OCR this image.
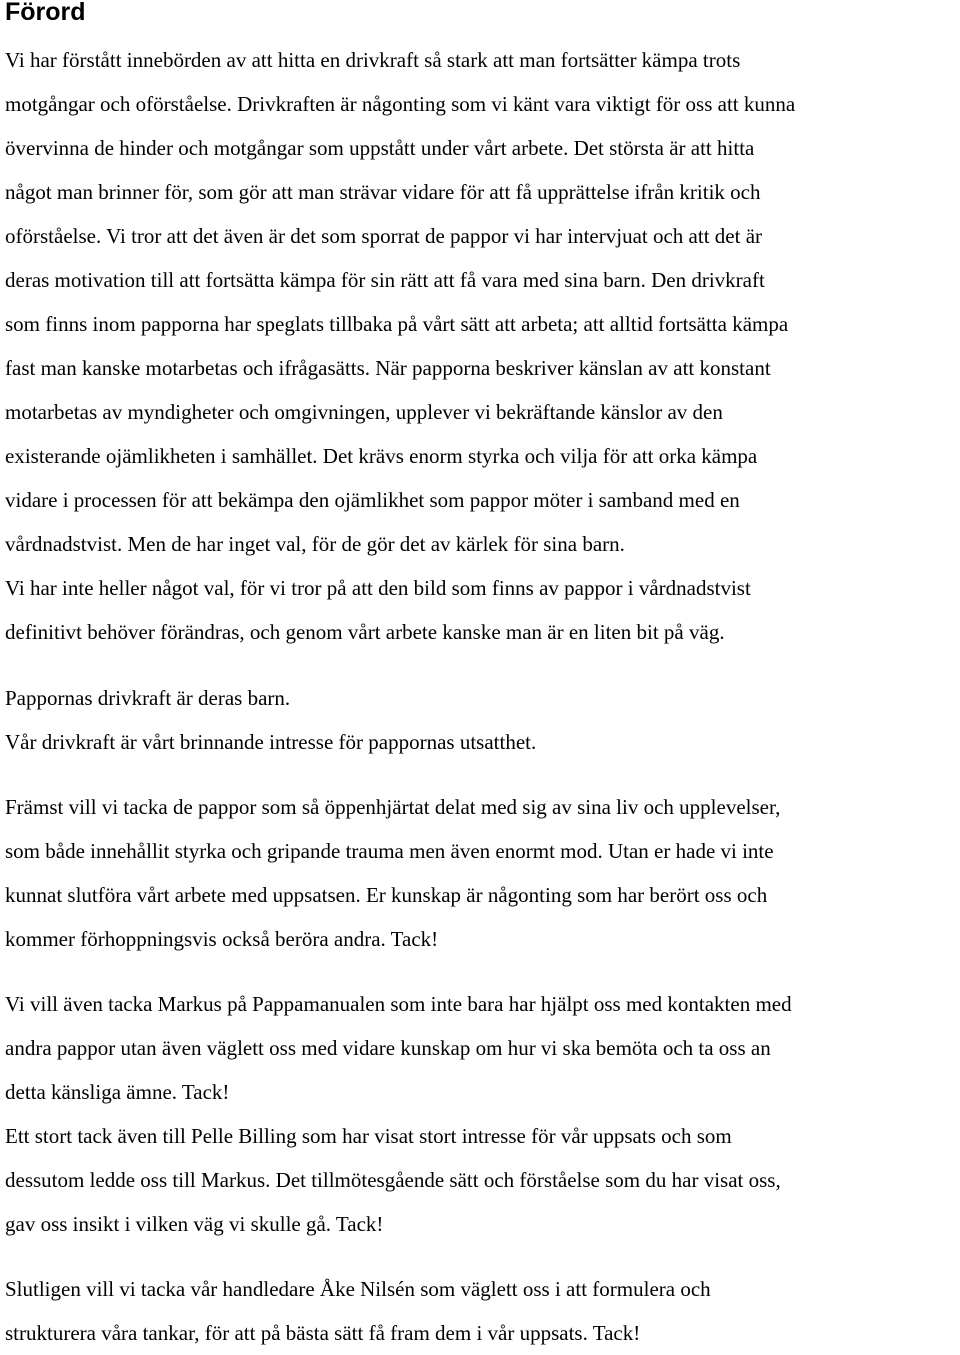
Förord
Vi har förstått innebörden av att hitta en drivkraft så stark att man fortsätter kämpa trots
motgångar och oförståelse. Drivkraften är någonting som vi känt vara viktigt för oss att kunna
övervinna de hinder och motgångar som uppstått under vårt arbete. Det största är att hitta
något man brinner för, som gör att man strävar vidare för att få upprättelse ifrån kritik och
oförståelse. Vi tror att det även är det som sporrat de pappor vi har intervjuat och att det är
deras motivation till att fortsätta kämpa för sin rätt att få vara med sina barn. Den drivkraft
som finns inom papporna har speglats tillbaka på vårt sätt att arbeta; att alltid fortsätta kämpa
fast man kanske motarbetas och ifrågasätts. När papporna beskriver känslan av att konstant
motarbetas av myndigheter och omgivningen, upplever vi bekräftande känslor av den
existerande ojämlikheten i samhället. Det krävs enorm styrka och vilja för att orka kämpa
vidare i processen för att bekämpa den ojämlikhet som pappor möter i samband med en
vårdnadstvist. Men de har inget val, för de gör det av kärlek för sina barn.
Vi har inte heller något val, för vi tror på att den bild som finns av pappor i vårdnadstvist
definitivt behöver förändras, och genom vårt arbete kanske man är en liten bit på väg.
Pappornas drivkraft är deras barn.
Vår drivkraft är vårt brinnande intresse för pappornas utsatthet.
Främst vill vi tacka de pappor som så öppenhjärtat delat med sig av sina liv och upplevelser,
som både innehållit styrka och gripande trauma men även enormt mod. Utan er hade vi inte
kunnat slutföra vårt arbete med uppsatsen. Er kunskap är någonting som har berört oss och
kommer förhoppningsvis också beröra andra. Tack!
Vi vill även tacka Markus på Pappamanualen som inte bara har hjälpt oss med kontakten med
andra pappor utan även väglett oss med vidare kunskap om hur vi ska bemöta och ta oss an
detta känsliga ämne. Tack!
Ett stort tack även till Pelle Billing som har visat stort intresse för vår uppsats och som
dessutom ledde oss till Markus. Det tillmötesgående sätt och förståelse som du har visat oss,
gav oss insikt i vilken väg vi skulle gå. Tack!
Slutligen vill vi tacka vår handledare Åke Nilsén som väglett oss i att formulera och
strukturera våra tankar, för att på bästa sätt få fram dem i vår uppsats. Tack!
